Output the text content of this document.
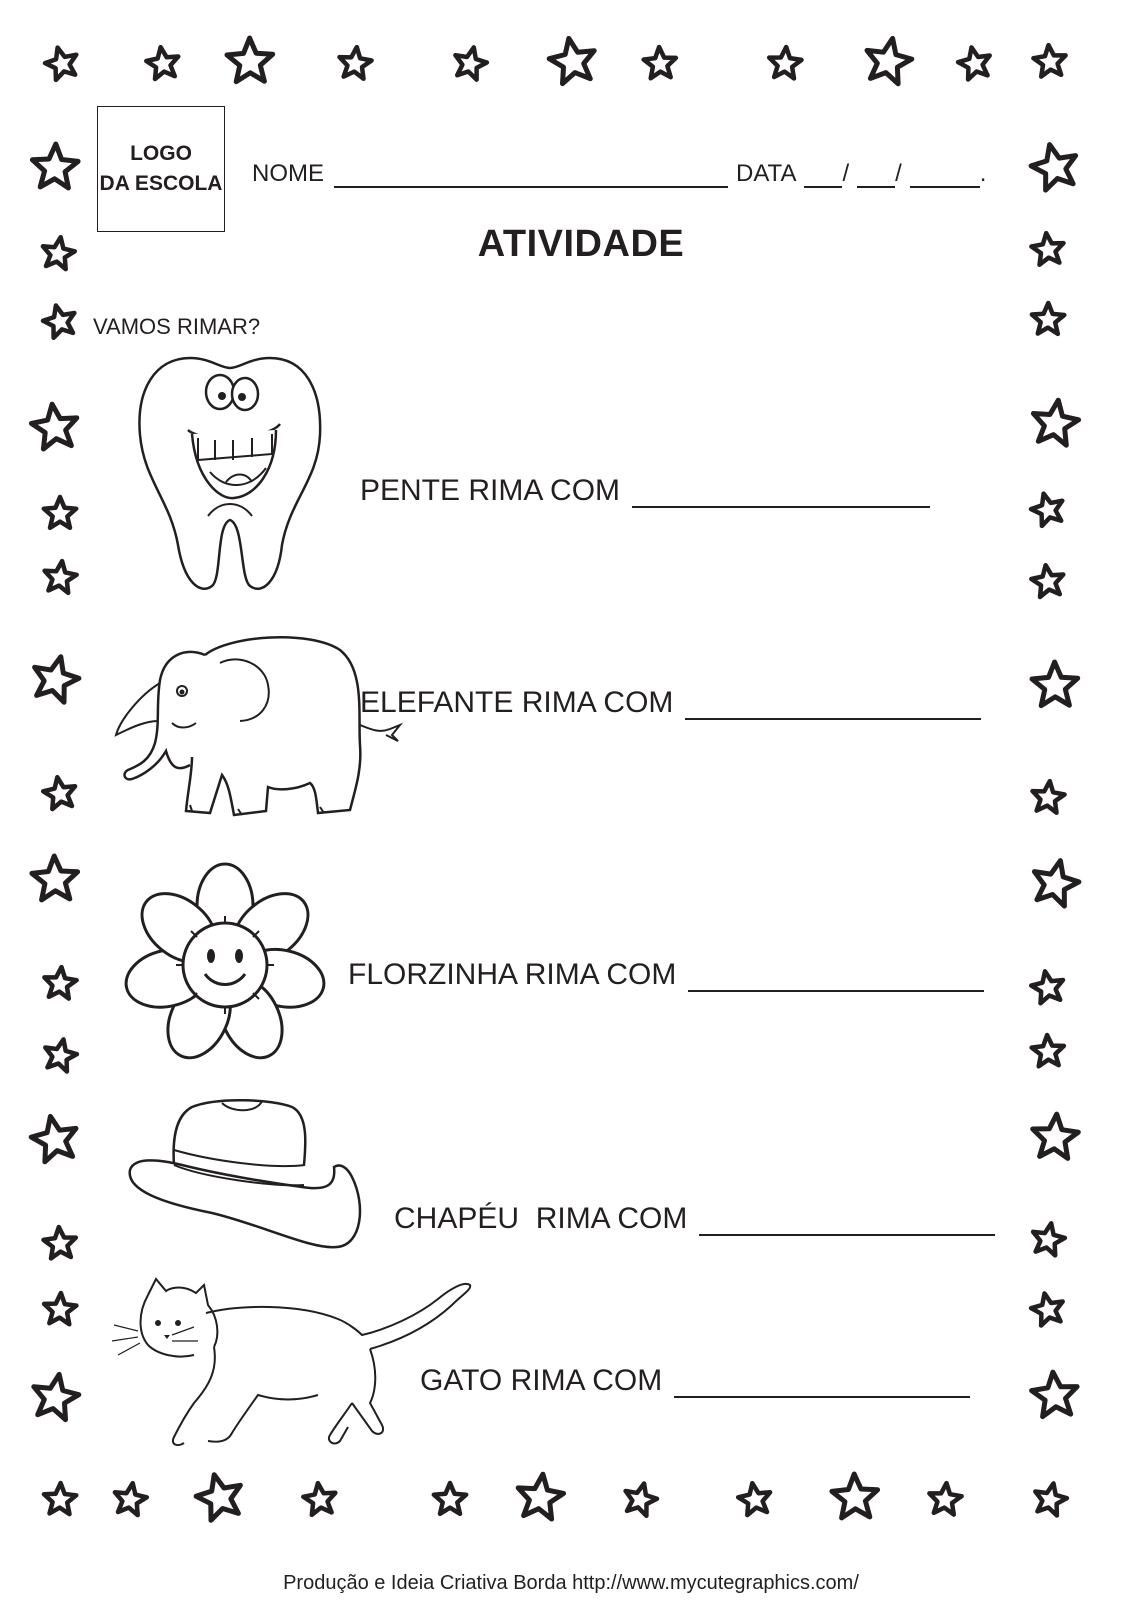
LOGO
DA ESCOLA NOME	DATA / /	.
ATIVIDADE
VAMOS RIMAR?
PENTE RIMA COM
ELEFANTE RIMA COM
FLORZINHA RIMA COM
CHAPÉU  RIMA COM
GATO RIMA COM
Produção e Ideia Criativa Borda http://www.mycutegraphics.com/
